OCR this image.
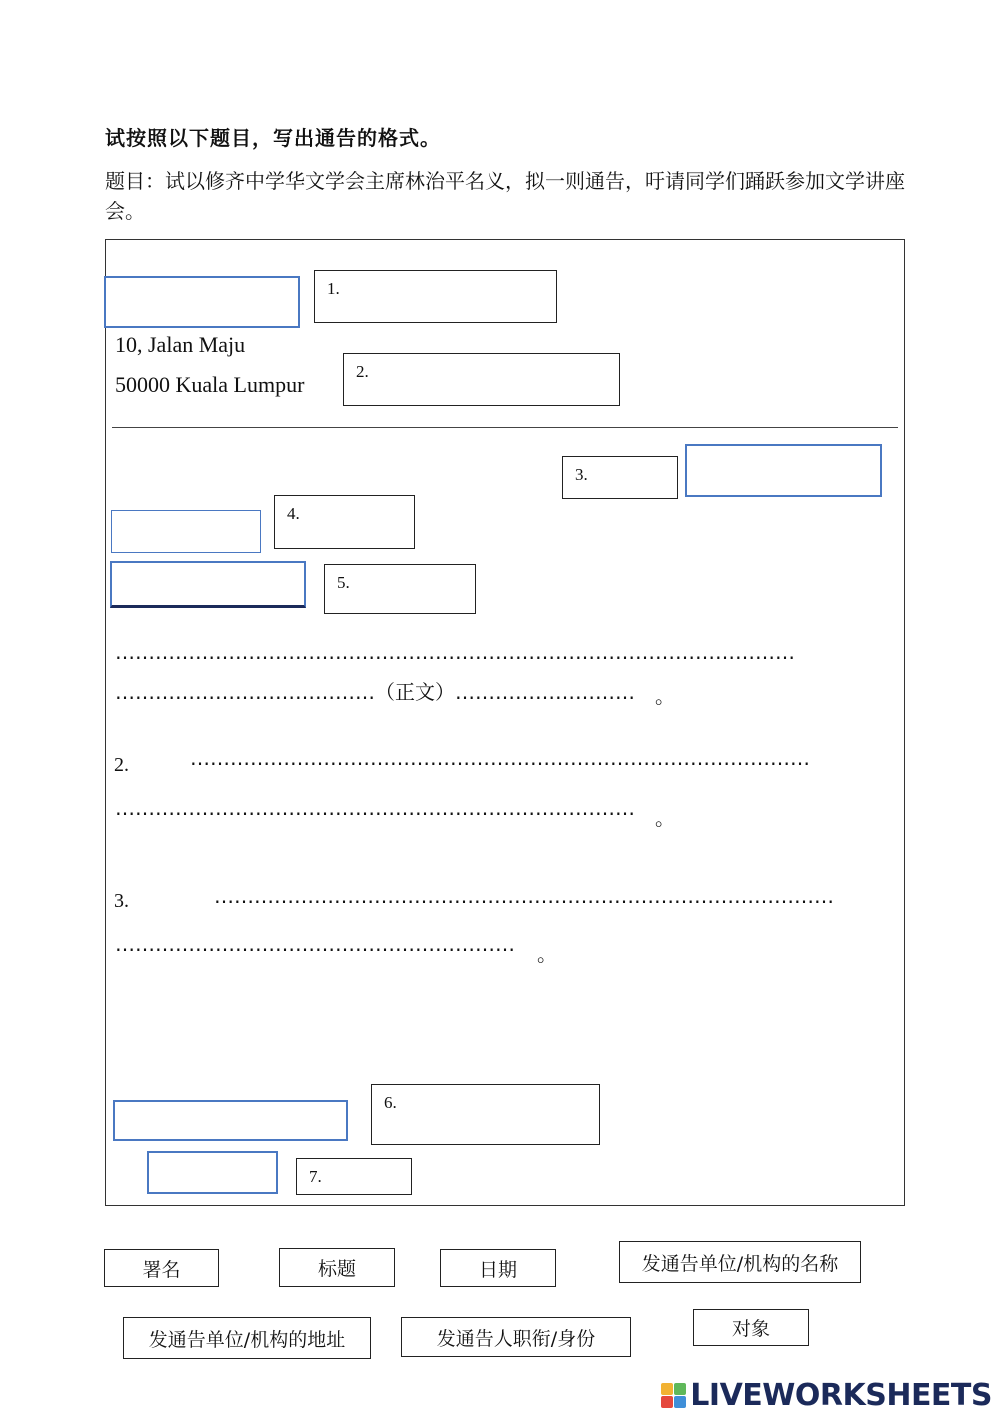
试按照以下题目，写出通告的格式。
题目：试以修齐中学华文学会主席林治平名义，拟一则通告，吁请同学们踊跃参加文学讲座会。
1.
10, Jalan Maju
50000 Kuala Lumpur
2.
3.
4.
5.
…………………………………………………………………………………………
…………………………………（正文）………………………	。
2.	…………………………………………………………………………………
……………………………………………………………………	。
3.	…………………………………………………………………………………
……………………………………………………	。
6.
7.
署名	标题	日期	发通告单位/机构的名称
发通告单位/机构的地址	发通告人职衔/身份	对象
LIVEWORKSHEETS
